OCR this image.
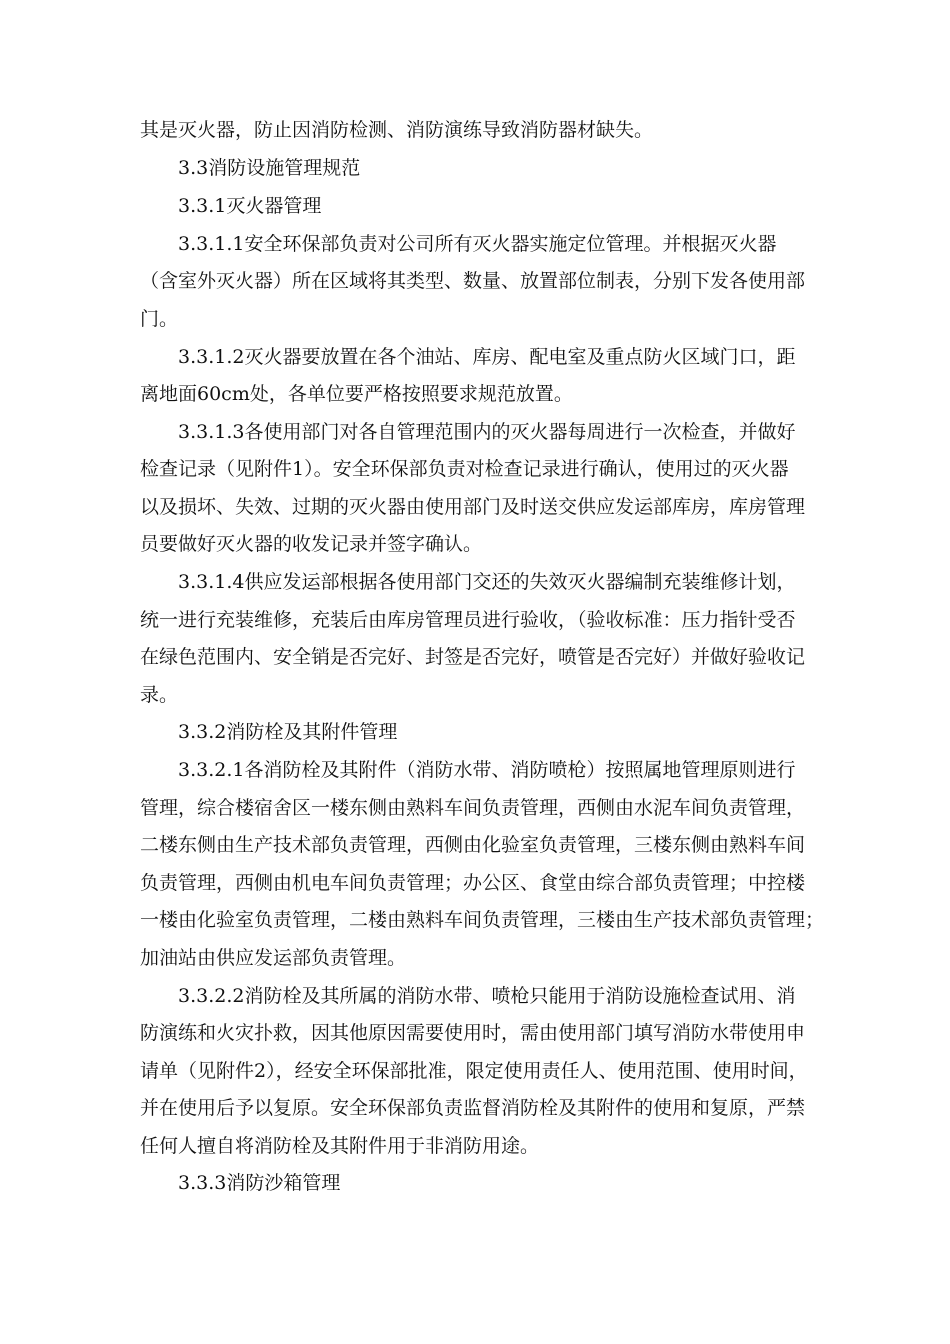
其是灭火器，防止因消防检测、消防演练导致消防器材缺失。
3.3消防设施管理规范
3.3.1灭火器管理
3.3.1.1安全环保部负责对公司所有灭火器实施定位管理。并根据灭火器
（含室外灭火器）所在区域将其类型、数量、放置部位制表，分别下发各使用部
门。
3.3.1.2灭火器要放置在各个油站、库房、配电室及重点防火区域门口，距
离地面60cm处，各单位要严格按照要求规范放置。
3.3.1.3各使用部门对各自管理范围内的灭火器每周进行一次检查，并做好
检查记录（见附件1）。安全环保部负责对检查记录进行确认，使用过的灭火器
以及损坏、失效、过期的灭火器由使用部门及时送交供应发运部库房，库房管理
员要做好灭火器的收发记录并签字确认。
3.3.1.4供应发运部根据各使用部门交还的失效灭火器编制充装维修计划，
统一进行充装维修，充装后由库房管理员进行验收，（验收标准：压力指针受否
在绿色范围内、安全销是否完好、封签是否完好，喷管是否完好）并做好验收记
录。
3.3.2消防栓及其附件管理
3.3.2.1各消防栓及其附件（消防水带、消防喷枪）按照属地管理原则进行
管理，综合楼宿舍区一楼东侧由熟料车间负责管理，西侧由水泥车间负责管理，
二楼东侧由生产技术部负责管理，西侧由化验室负责管理，三楼东侧由熟料车间
负责管理，西侧由机电车间负责管理；办公区、食堂由综合部负责管理；中控楼
一楼由化验室负责管理，二楼由熟料车间负责管理，三楼由生产技术部负责管理；
加油站由供应发运部负责管理。
3.3.2.2消防栓及其所属的消防水带、喷枪只能用于消防设施检查试用、消
防演练和火灾扑救，因其他原因需要使用时，需由使用部门填写消防水带使用申
请单（见附件2），经安全环保部批准，限定使用责任人、使用范围、使用时间，
并在使用后予以复原。安全环保部负责监督消防栓及其附件的使用和复原，严禁
任何人擅自将消防栓及其附件用于非消防用途。
3.3.3消防沙箱管理
